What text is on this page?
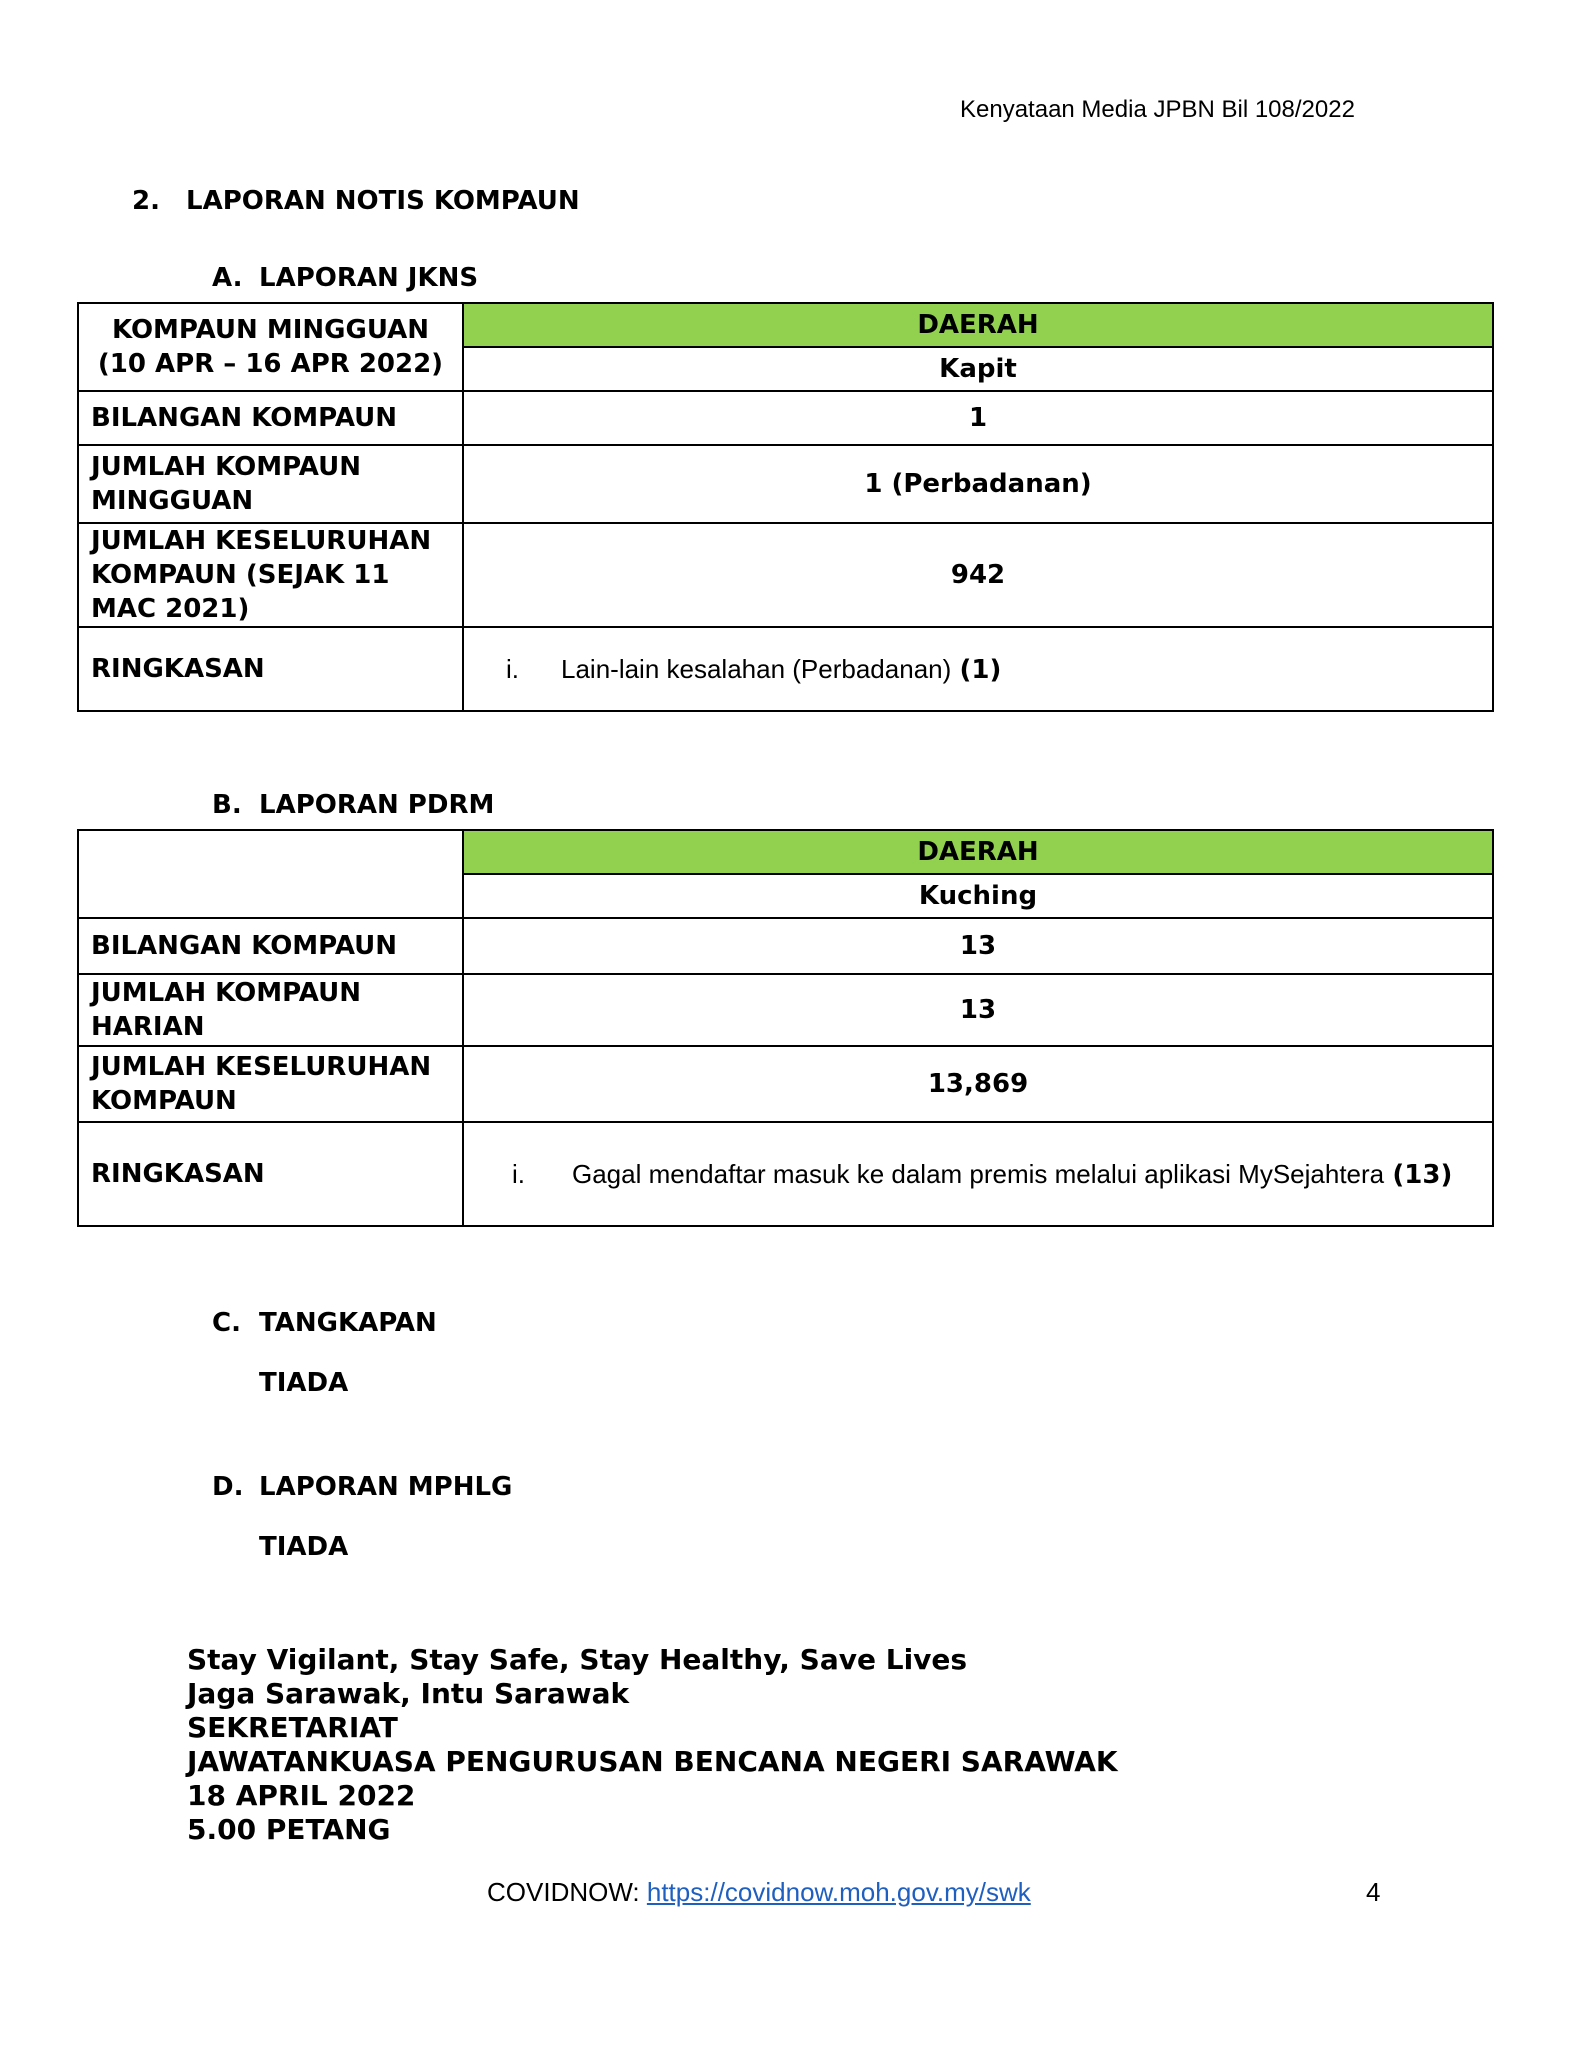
Kenyataan Media JPBN Bil 108/2022
2. LAPORAN NOTIS KOMPAUN
A. LAPORAN JKNS
KOMPAUN MINGGUAN
(10 APR – 16 APR 2022)	DAERAH
	Kapit
BILANGAN KOMPAUN	1
JUMLAH KOMPAUN MINGGUAN	1 (Perbadanan)
JUMLAH KESELURUHAN KOMPAUN (SEJAK 11 MAC 2021)	942
RINGKASAN	i. Lain-lain kesalahan (Perbadanan) (1)
B. LAPORAN PDRM
	DAERAH
	Kuching
BILANGAN KOMPAUN	13
JUMLAH KOMPAUN HARIAN	13
JUMLAH KESELURUHAN KOMPAUN	13,869
RINGKASAN	i. Gagal mendaftar masuk ke dalam premis melalui aplikasi MySejahtera (13)
C. TANGKAPAN
TIADA
D. LAPORAN MPHLG
TIADA
Stay Vigilant, Stay Safe, Stay Healthy, Save Lives
Jaga Sarawak, Intu Sarawak
SEKRETARIAT
JAWATANKUASA PENGURUSAN BENCANA NEGERI SARAWAK
18 APRIL 2022
5.00 PETANG
COVIDNOW: https://covidnow.moh.gov.my/swk	4
